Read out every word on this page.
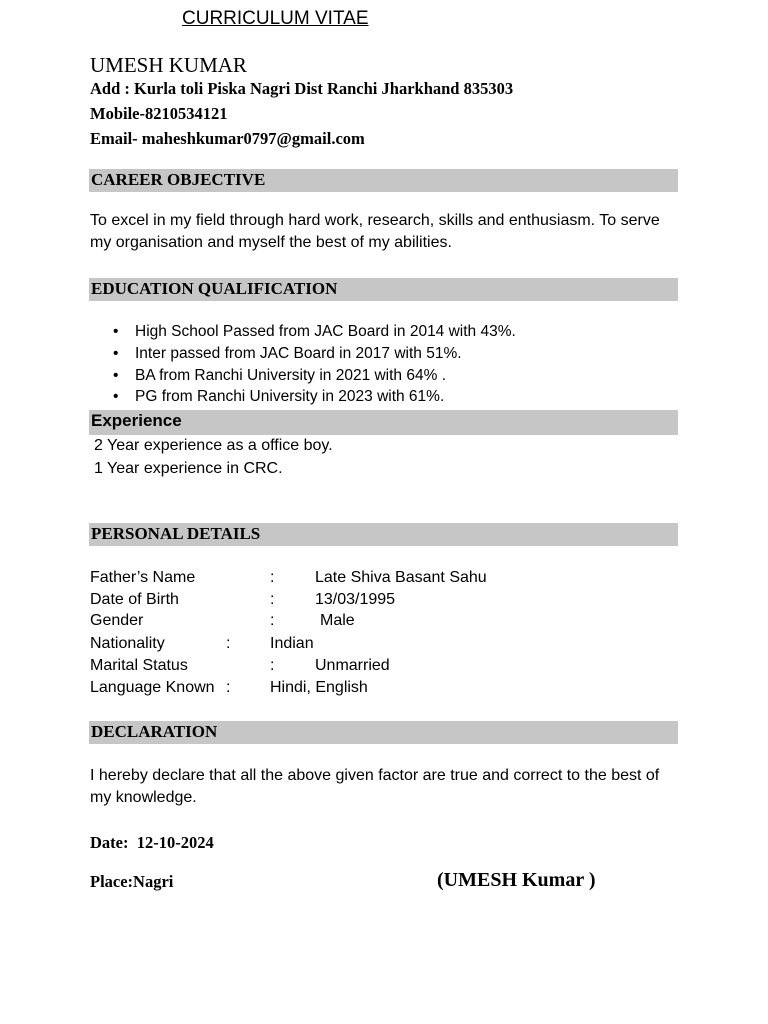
CURRICULUM VITAE
UMESH KUMAR
Add : Kurla toli Piska Nagri Dist Ranchi Jharkhand 835303
Mobile-8210534121
Email- maheshkumar0797@gmail.com
CAREER OBJECTIVE
To excel in my field through hard work, research, skills and enthusiasm. To serve my organisation and myself the best of my abilities.
EDUCATION QUALIFICATION
• High School Passed from JAC Board in 2014 with 43%.
• Inter passed from JAC Board in 2017 with 51%.
• BA from Ranchi University in 2021 with 64% .
• PG from Ranchi University in 2023 with 61%.
Experience
2 Year experience as a office boy.
1 Year experience in CRC.
PERSONAL DETAILS
Father’s Name	:	Late Shiva Basant Sahu
Date of Birth	:	13/03/1995
Gender	:	Male
Nationality	: Indian
Marital Status	:	Unmarried
Language Known : Hindi, English
DECLARATION
I hereby declare that all the above given factor are true and correct to the best of my knowledge.
Date:  12-10-2024
Place:Nagri	(UMESH Kumar )
